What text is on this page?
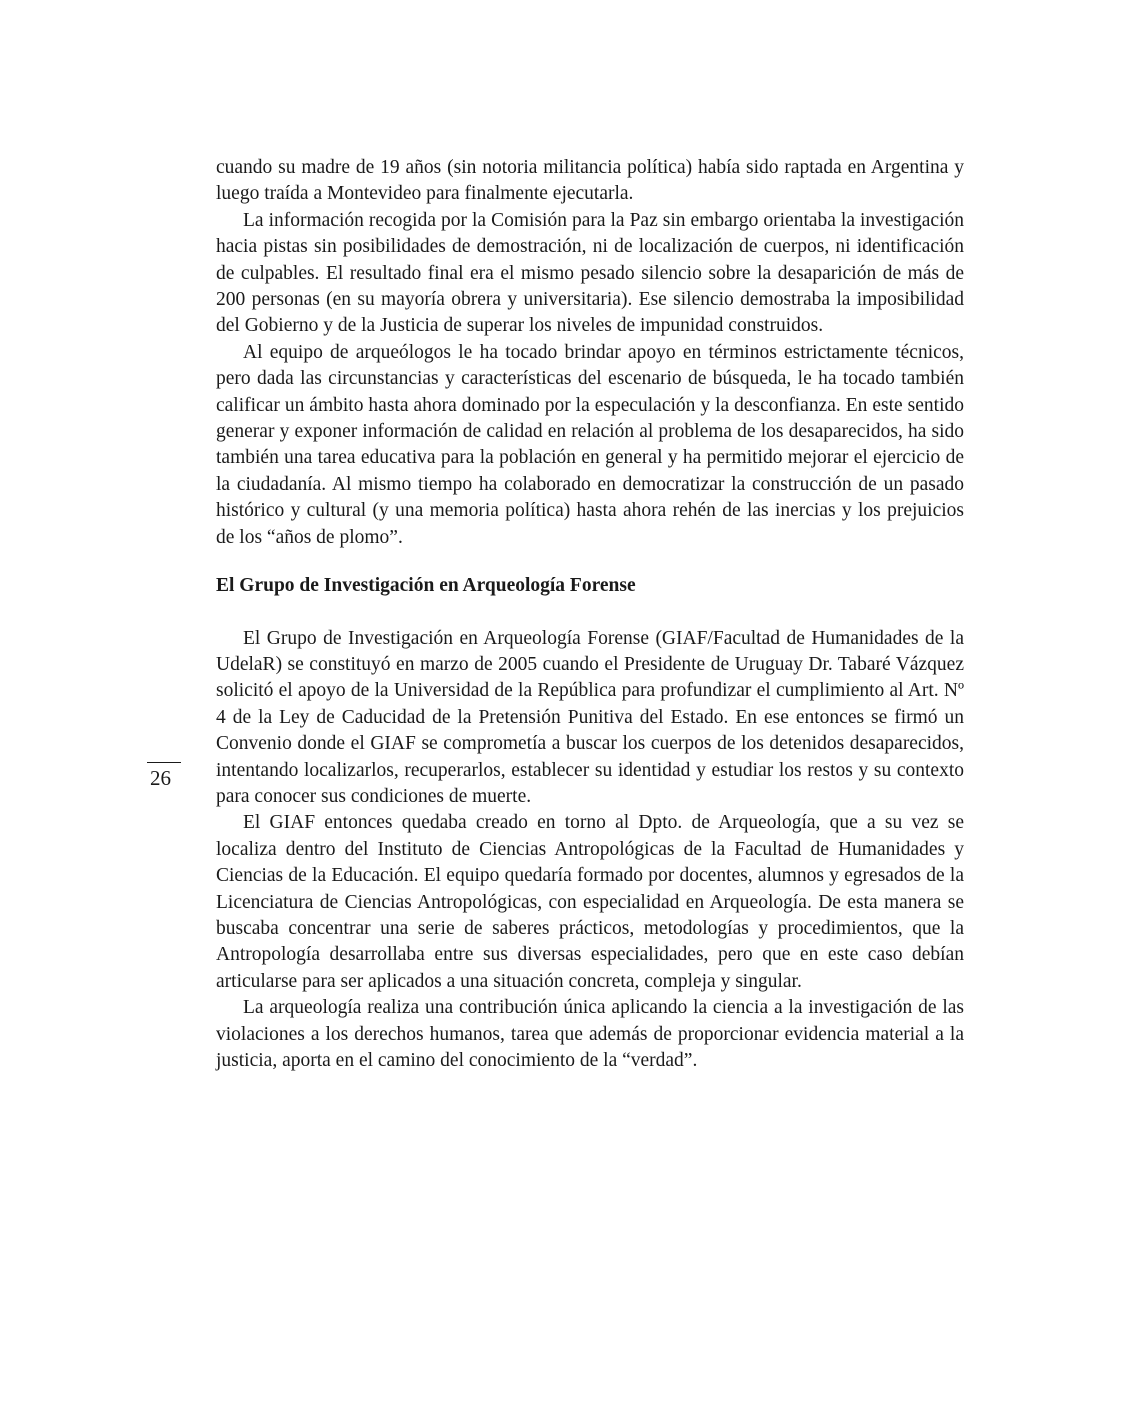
cuando su madre de 19 años (sin notoria militancia política) había sido raptada en Argentina y luego traída a Montevideo para finalmente ejecutarla.

La información recogida por la Comisión para la Paz sin embargo orientaba la investigación hacia pistas sin posibilidades de demostración, ni de localización de cuerpos, ni identificación de culpables. El resultado final era el mismo pesado silencio sobre la desaparición de más de 200 personas (en su mayoría obrera y universitaria). Ese silencio demostraba la imposibilidad del Gobierno y de la Justicia de superar los niveles de impunidad construidos.

Al equipo de arqueólogos le ha tocado brindar apoyo en términos estrictamente técnicos, pero dada las circunstancias y características del escenario de búsqueda, le ha tocado también calificar un ámbito hasta ahora dominado por la especulación y la desconfianza. En este sentido generar y exponer información de calidad en relación al problema de los desaparecidos, ha sido también una tarea educativa para la población en general y ha permitido mejorar el ejercicio de la ciudadanía. Al mismo tiempo ha colaborado en democratizar la construcción de un pasado histórico y cultural (y una memoria política) hasta ahora rehén de las inercias y los prejuicios de los “años de plomo”.

El Grupo de Investigación en Arqueología Forense

El Grupo de Investigación en Arqueología Forense (GIAF/Facultad de Humanidades de la UdelaR) se constituyó en marzo de 2005 cuando el Presidente de Uruguay Dr. Tabaré Vázquez solicitó el apoyo de la Universidad de la República para profundizar el cumplimiento al Art. Nº 4 de la Ley de Caducidad de la Pretensión Punitiva del Estado. En ese entonces se firmó un Convenio donde el GIAF se comprometía a buscar los cuerpos de los detenidos desaparecidos, intentando localizarlos, recuperarlos, establecer su identidad y estudiar los restos y su contexto para conocer sus condiciones de muerte.

El GIAF entonces quedaba creado en torno al Dpto. de Arqueología, que a su vez se localiza dentro del Instituto de Ciencias Antropológicas de la Facultad de Humanidades y Ciencias de la Educación. El equipo quedaría formado por docentes, alumnos y egresados de la Licenciatura de Ciencias Antropológicas, con especialidad en Arqueología. De esta manera se buscaba concentrar una serie de saberes prácticos, metodologías y procedimientos, que la Antropología desarrollaba entre sus diversas especialidades, pero que en este caso debían articularse para ser aplicados a una situación concreta, compleja y singular.

La arqueología realiza una contribución única aplicando la ciencia a la investigación de las violaciones a los derechos humanos, tarea que además de proporcionar evidencia material a la justicia, aporta en el camino del conocimiento de la “verdad”.

26
